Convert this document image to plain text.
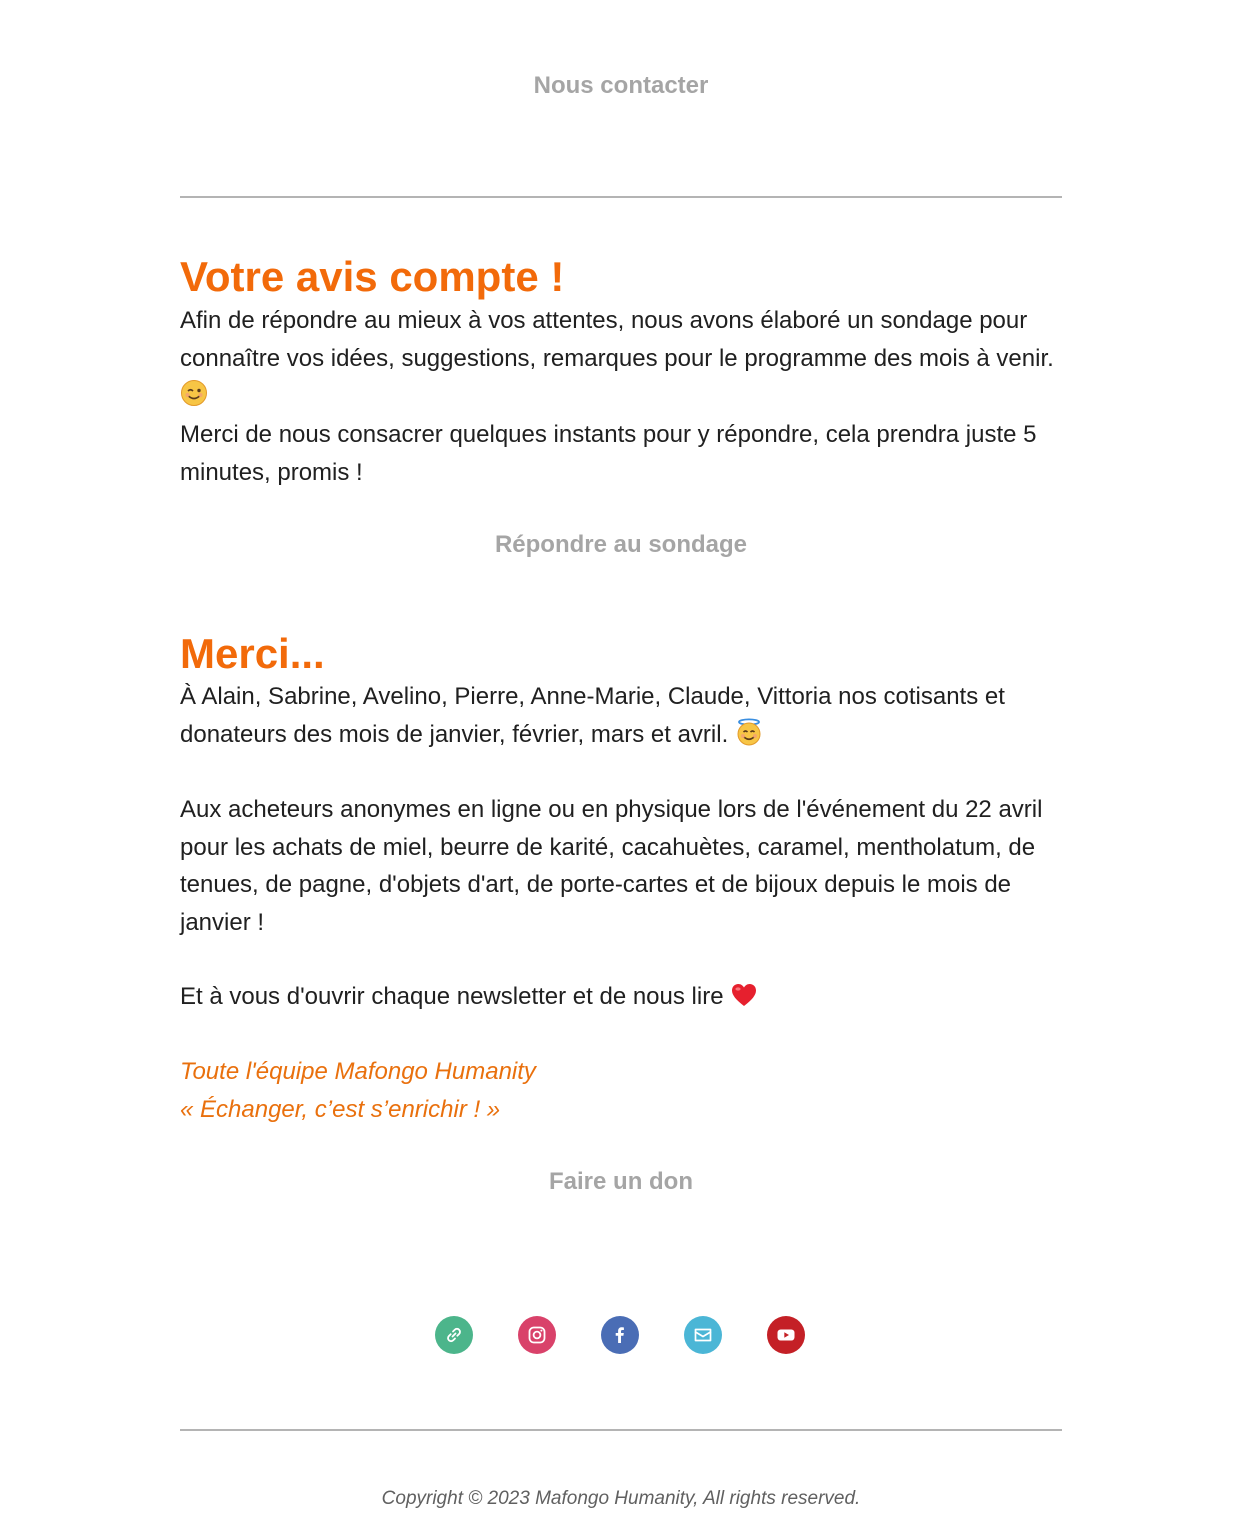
Nous contacter
Votre avis compte !

Afin de répondre au mieux à vos attentes, nous avons élaboré un sondage pour connaître vos idées, suggestions, remarques pour le programme des mois à venir.

Merci de nous consacrer quelques instants pour y répondre, cela prendra juste 5 minutes, promis !

Répondre au sondage
Merci...

À Alain, Sabrine, Avelino, Pierre, Anne-Marie, Claude, Vittoria nos cotisants et donateurs des mois de janvier, février, mars et avril.

Aux acheteurs anonymes en ligne ou en physique lors de l'événement du 22 avril pour les achats de miel, beurre de karité, cacahuètes, caramel, mentholatum, de tenues, de pagne, d'objets d'art, de porte-cartes et de bijoux depuis le mois de janvier !

Et à vous d'ouvrir chaque newsletter et de nous lire

Toute l'équipe Mafongo Humanity

« Échanger, c’est s’enrichir ! »

Faire un don
Copyright © 2023 Mafongo Humanity, All rights reserved.
